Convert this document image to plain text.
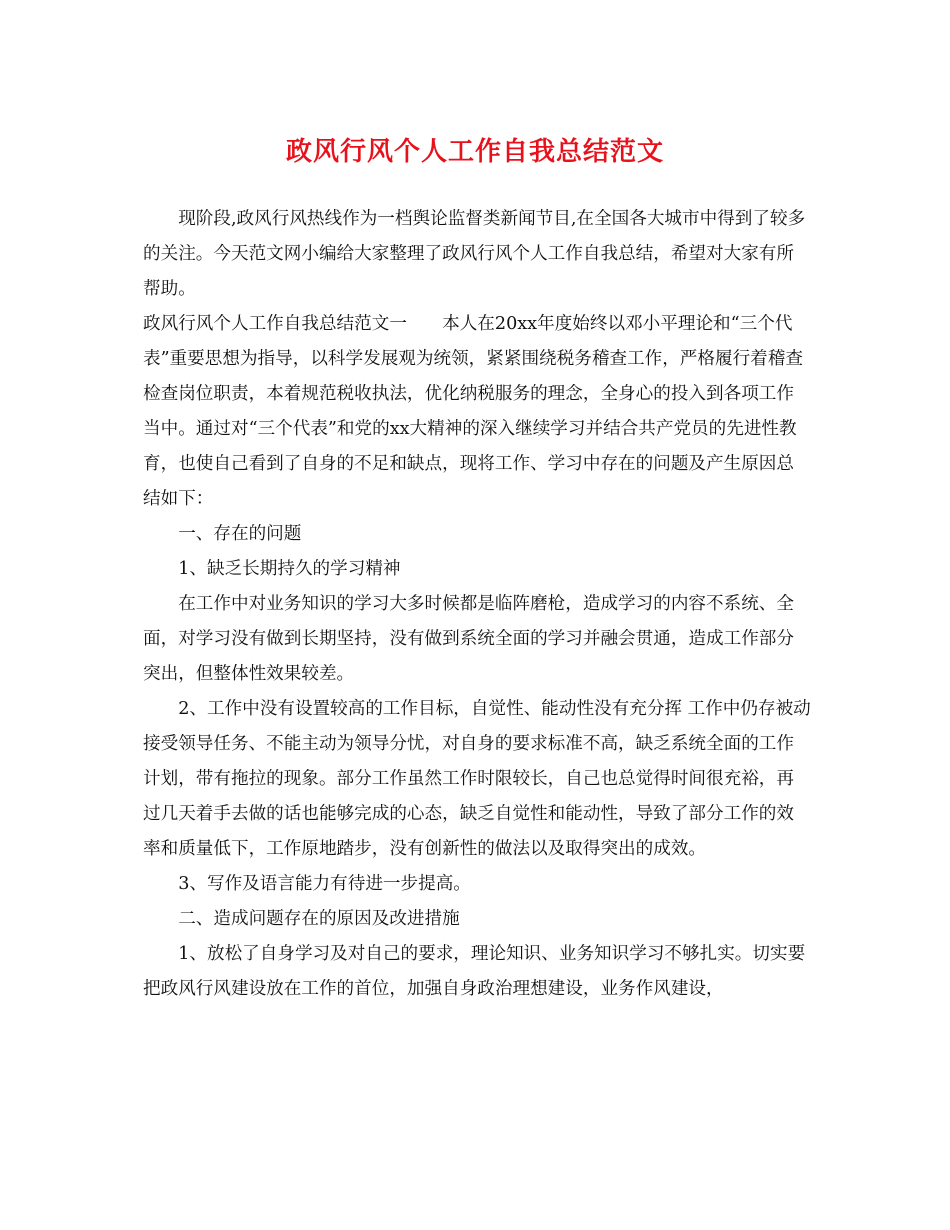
政风行风个人工作自我总结范文

现阶段,政风行风热线作为一档舆论监督类新闻节目,在全国各大城市中得到了较多的关注。今天范文网小编给大家整理了政风行风个人工作自我总结，希望对大家有所帮助。

政风行风个人工作自我总结范文一　　本人在20xx年度始终以邓小平理论和“三个代表”重要思想为指导，以科学发展观为统领，紧紧围绕税务稽查工作，严格履行着稽查检查岗位职责，本着规范税收执法，优化纳税服务的理念，全身心的投入到各项工作当中。通过对“三个代表”和党的xx大精神的深入继续学习并结合共产党员的先进性教育，也使自己看到了自身的不足和缺点，现将工作、学习中存在的问题及产生原因总结如下：

一、存在的问题

1、缺乏长期持久的学习精神

在工作中对业务知识的学习大多时候都是临阵磨枪，造成学习的内容不系统、全面，对学习没有做到长期坚持，没有做到系统全面的学习并融会贯通，造成工作部分突出，但整体性效果较差。

2、工作中没有设置较高的工作目标，自觉性、能动性没有充分挥 工作中仍存被动接受领导任务、不能主动为领导分忧，对自身的要求标准不高，缺乏系统全面的工作计划，带有拖拉的现象。部分工作虽然工作时限较长，自己也总觉得时间很充裕，再过几天着手去做的话也能够完成的心态，缺乏自觉性和能动性，导致了部分工作的效率和质量低下，工作原地踏步，没有创新性的做法以及取得突出的成效。

3、写作及语言能力有待进一步提高。

二、造成问题存在的原因及改进措施

1、放松了自身学习及对自己的要求，理论知识、业务知识学习不够扎实。切实要把政风行风建设放在工作的首位，加强自身政治理想建设，业务作风建设，
